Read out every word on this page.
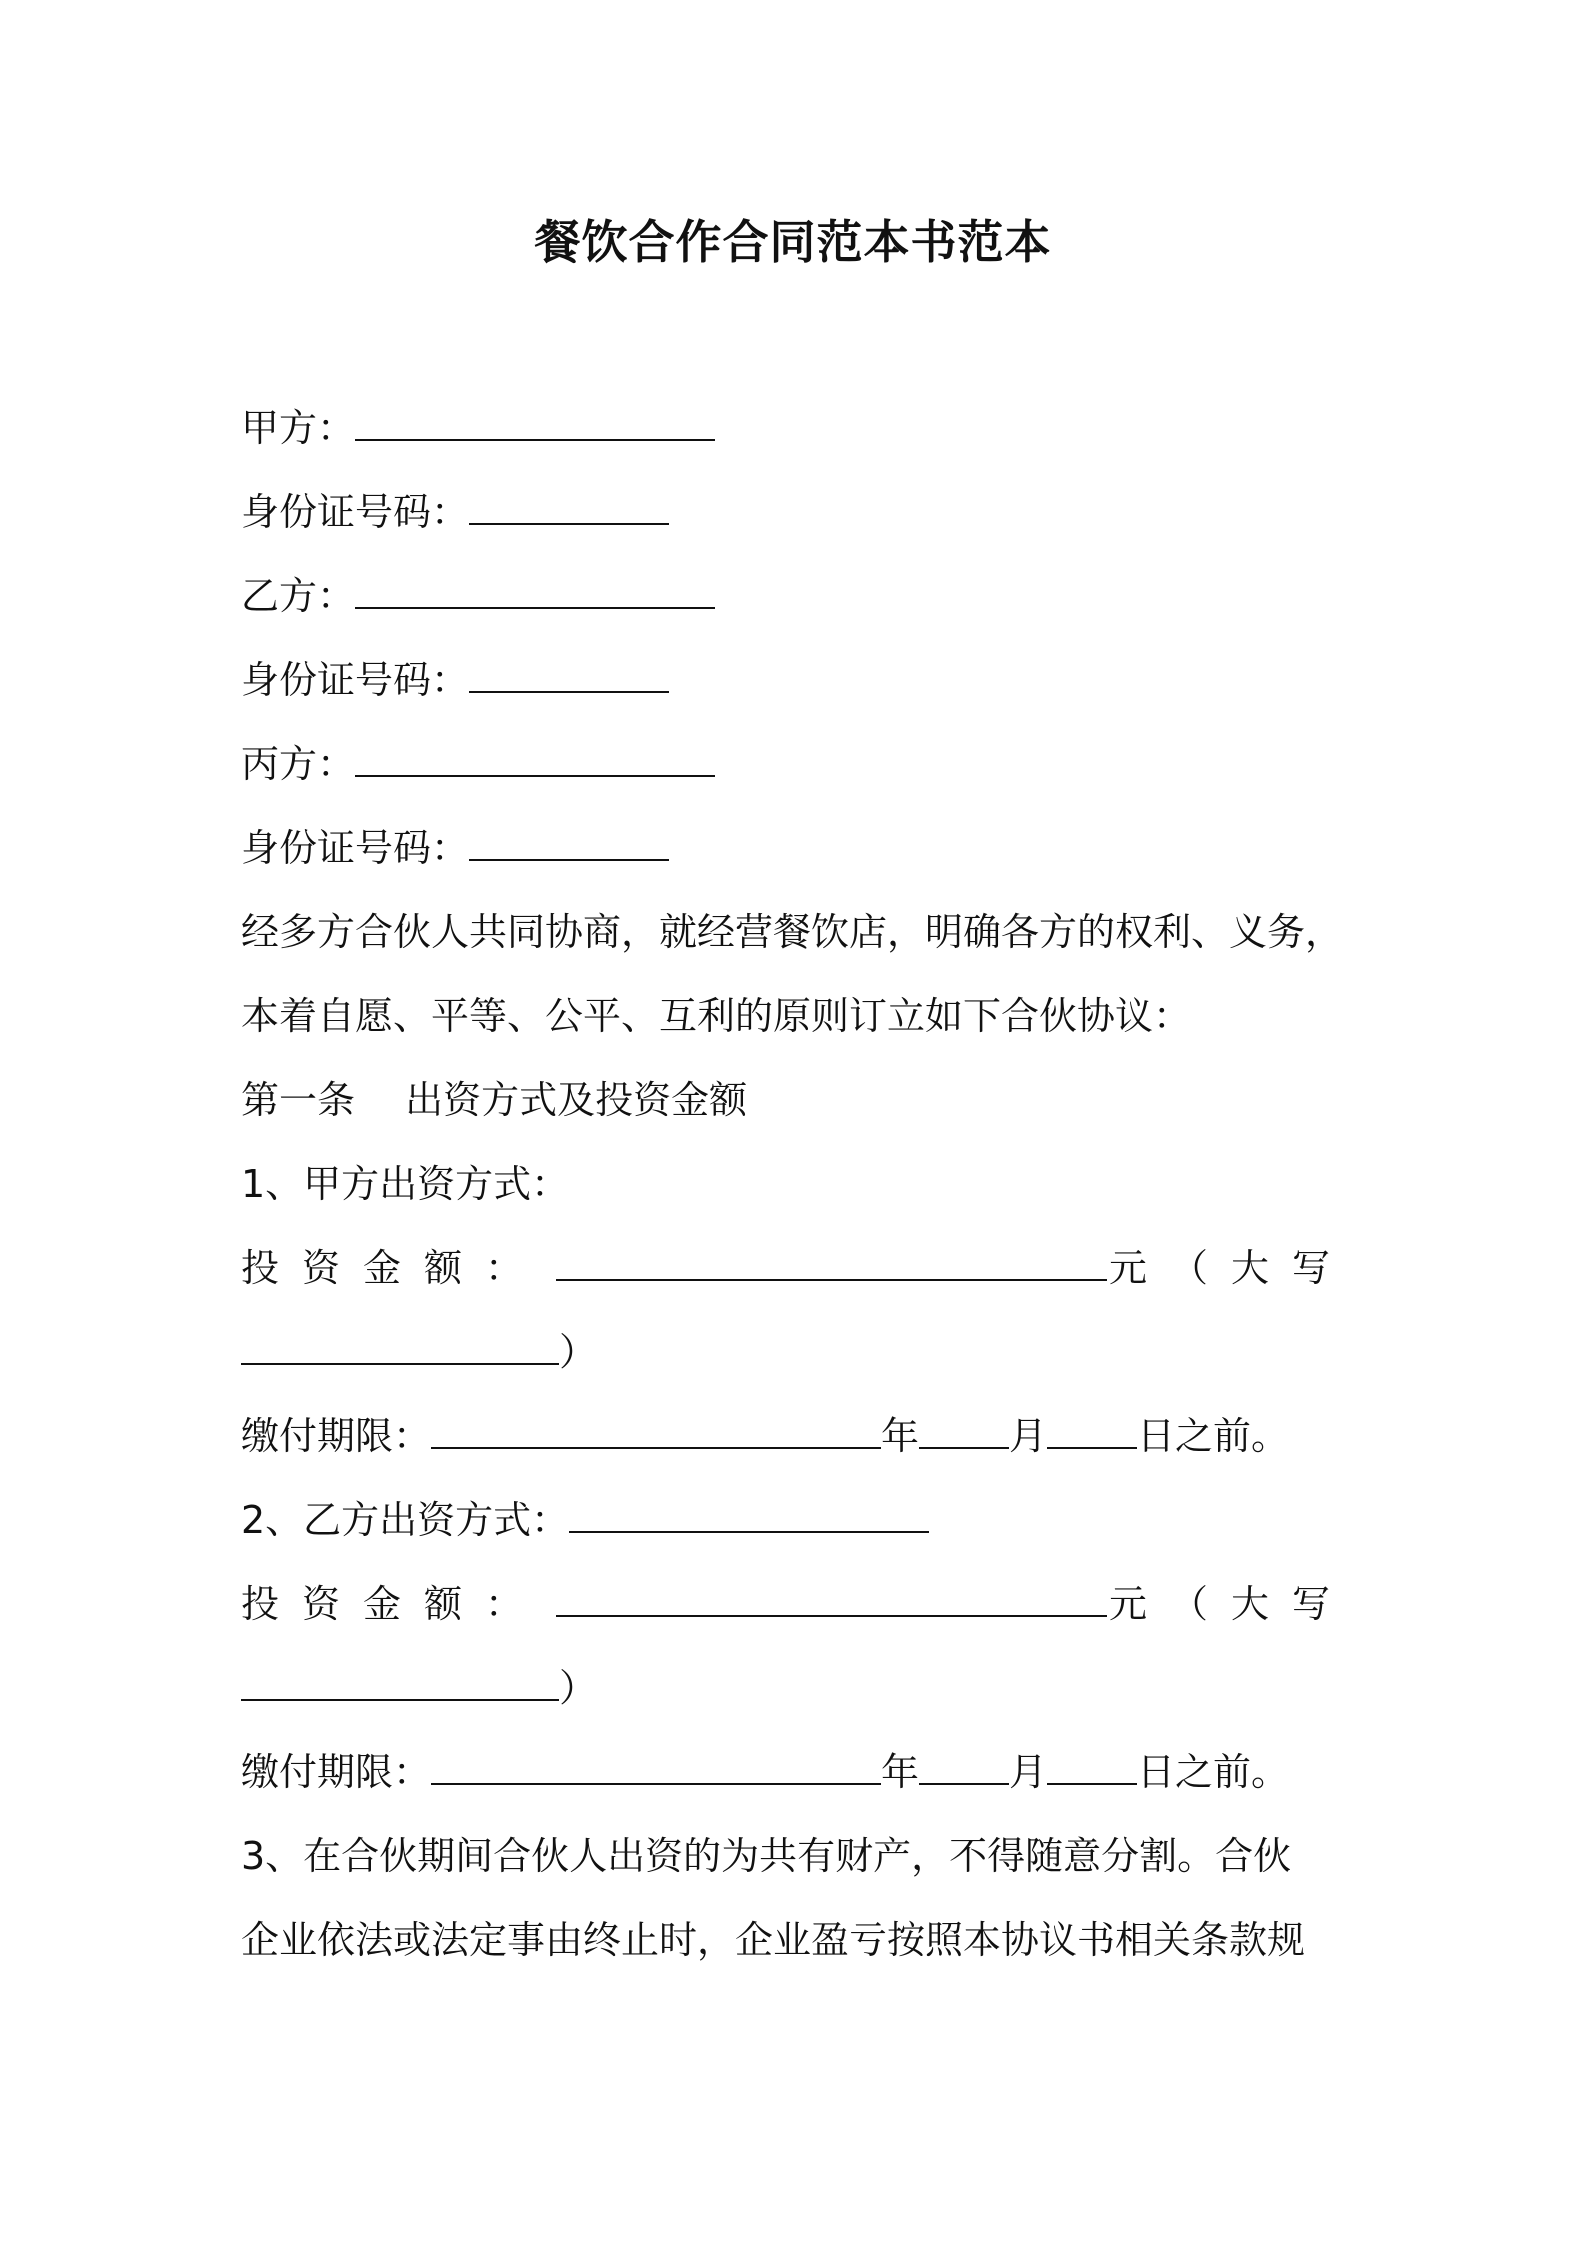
餐饮合作合同范本书范本
甲方：
身份证号码：
乙方：
身份证号码：
丙方：
身份证号码：
经多方合伙人共同协商，就经营餐饮店，明确各方的权利、义务，
本着自愿、平等、公平、互利的原则订立如下合伙协议：
第一条　 出资方式及投资金额
1、甲方出资方式：
投资金额：	元（大写
）
缴付期限：	年 月 日之前。
2、乙方出资方式：
投资金额：	元（大写
）
缴付期限：	年 月 日之前。
3、在合伙期间合伙人出资的为共有财产，不得随意分割。合伙
企业依法或法定事由终止时，企业盈亏按照本协议书相关条款规
